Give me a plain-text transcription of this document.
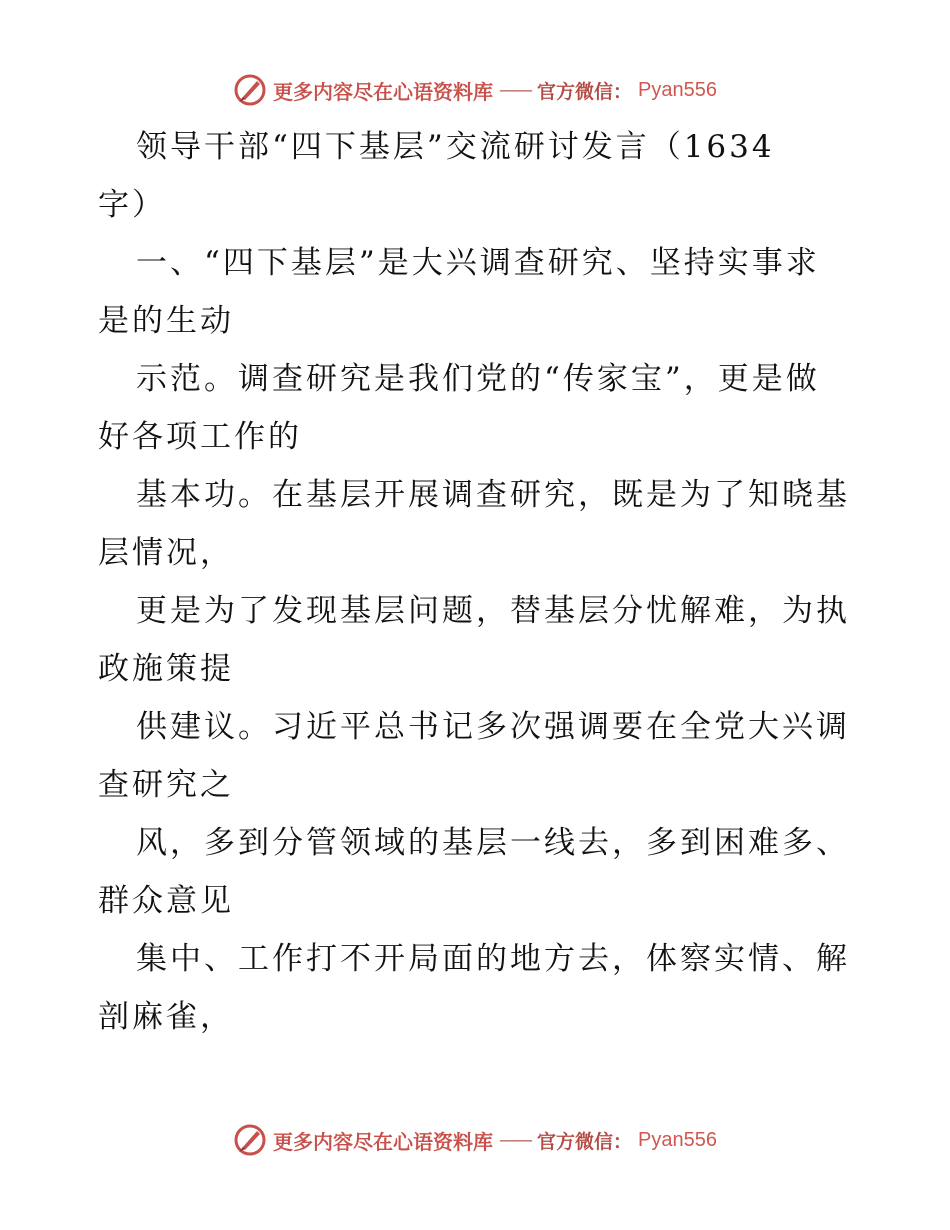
更多内容尽在心语资料库 —— 官方微信： Pyan556
领导干部“四下基层”交流研讨发言（1634
字）
一、“四下基层”是大兴调查研究、坚持实事求
是的生动
示范。调查研究是我们党的“传家宝”，更是做
好各项工作的
基本功。在基层开展调查研究，既是为了知晓基
层情况，
更是为了发现基层问题，替基层分忧解难，为执
政施策提
供建议。习近平总书记多次强调要在全党大兴调
查研究之
风，多到分管领域的基层一线去，多到困难多、
群众意见
集中、工作打不开局面的地方去，体察实情、解
剖麻雀，
更多内容尽在心语资料库 —— 官方微信： Pyan556
